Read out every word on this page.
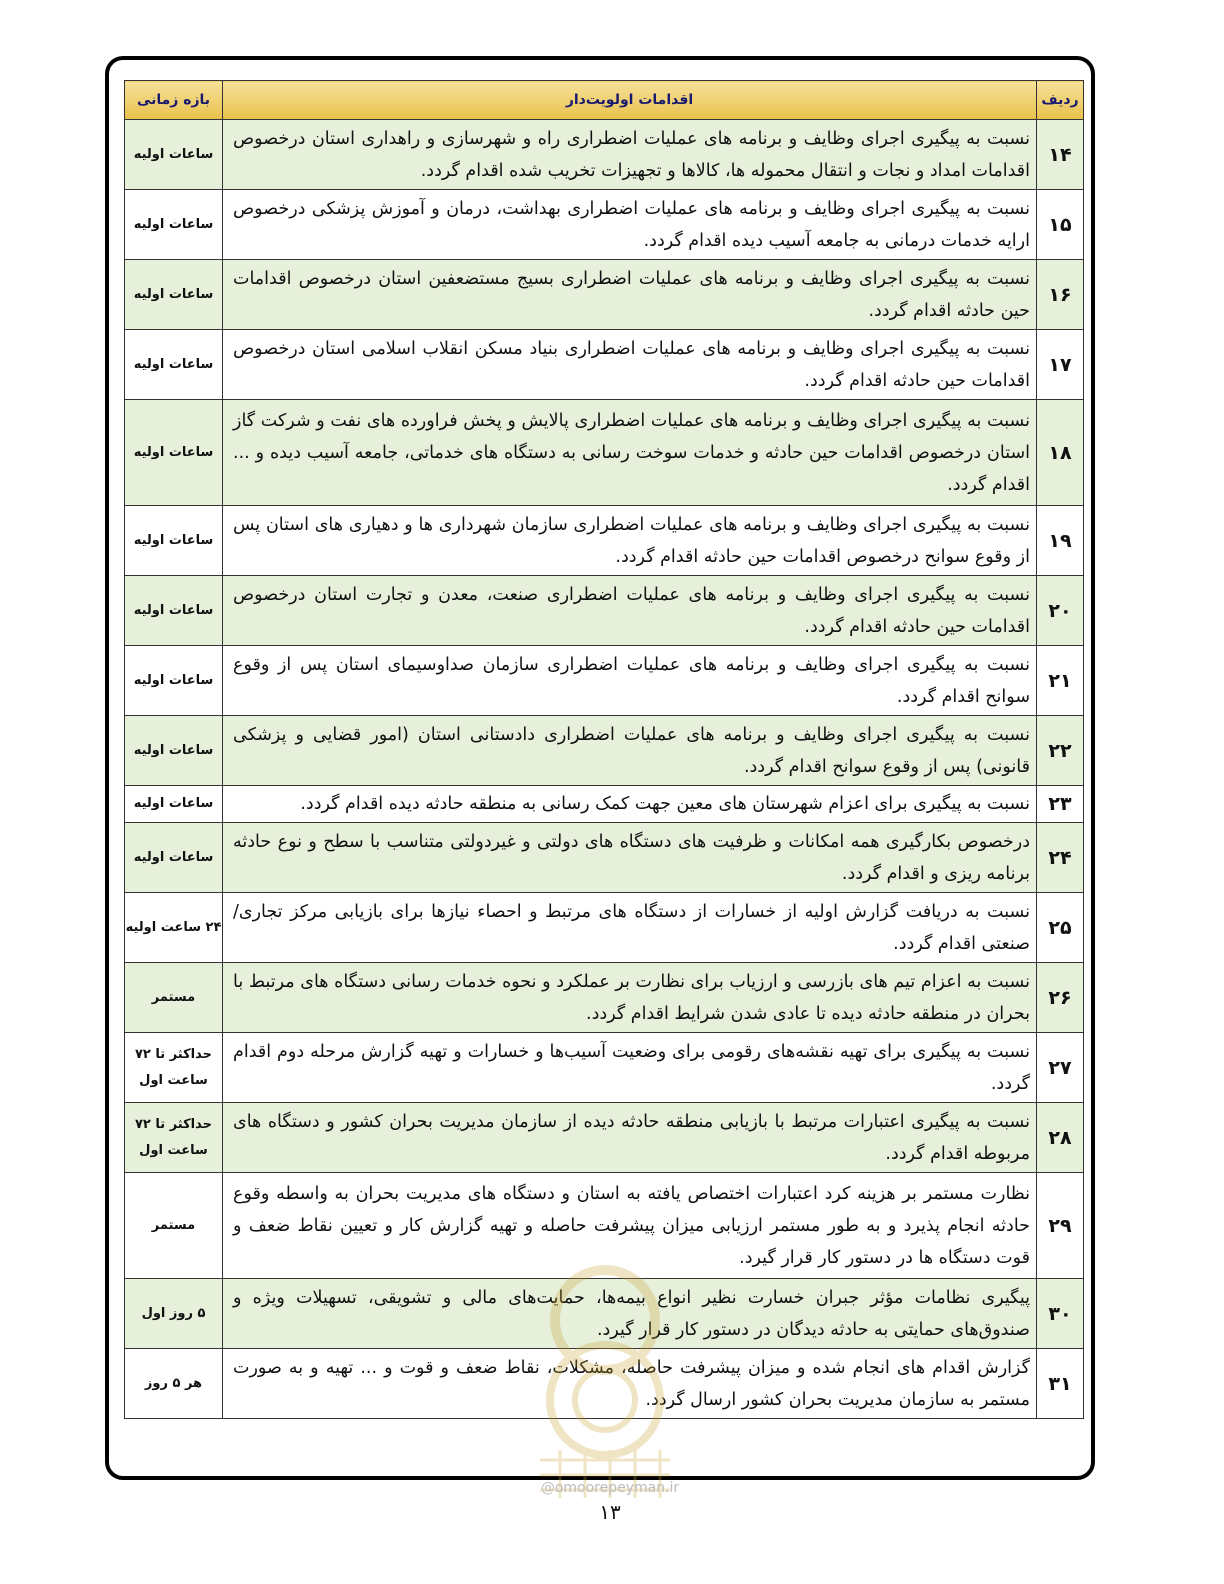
ردیف	اقدامات اولویت‌دار	بازه زمانی
۱۴	نسبت به پیگیری اجرای وظایف و برنامه های عملیات اضطراری راه و شهرسازی و راهداری استان درخصوص اقدامات امداد و نجات و انتقال محموله ها، کالاها و تجهیزات تخریب شده اقدام گردد.	ساعات اولیه
۱۵	نسبت به پیگیری اجرای وظایف و برنامه های عملیات اضطراری بهداشت، درمان و آموزش پزشکی درخصوص ارایه خدمات درمانی به جامعه آسیب دیده اقدام گردد.	ساعات اولیه
۱۶	نسبت به پیگیری اجرای وظایف و برنامه های عملیات اضطراری بسیج مستضعفین استان درخصوص اقدامات حین حادثه اقدام گردد.	ساعات اولیه
۱۷	نسبت به پیگیری اجرای وظایف و برنامه های عملیات اضطراری بنیاد مسکن انقلاب اسلامی استان درخصوص اقدامات حین حادثه اقدام گردد.	ساعات اولیه
۱۸	نسبت به پیگیری اجرای وظایف و برنامه های عملیات اضطراری پالایش و پخش فراورده های نفت و شرکت گاز استان درخصوص اقدامات حین حادثه و خدمات سوخت رسانی به دستگاه های خدماتی، جامعه آسیب دیده و ... اقدام گردد.	ساعات اولیه
۱۹	نسبت به پیگیری اجرای وظایف و برنامه های عملیات اضطراری سازمان شهرداری ها و دهیاری های استان پس از وقوع سوانح درخصوص اقدامات حین حادثه اقدام گردد.	ساعات اولیه
۲۰	نسبت به پیگیری اجرای وظایف و برنامه های عملیات اضطراری صنعت، معدن و تجارت استان درخصوص اقدامات حین حادثه اقدام گردد.	ساعات اولیه
۲۱	نسبت به پیگیری اجرای وظایف و برنامه های عملیات اضطراری سازمان صداوسیمای استان پس از وقوع سوانح اقدام گردد.	ساعات اولیه
۲۲	نسبت به پیگیری اجرای وظایف و برنامه های عملیات اضطراری دادستانی استان (امور قضایی و پزشکی قانونی) پس از وقوع سوانح اقدام گردد.	ساعات اولیه
۲۳	نسبت به پیگیری برای اعزام شهرستان های معین جهت کمک رسانی به منطقه حادثه دیده اقدام گردد.	ساعات اولیه
۲۴	درخصوص بکارگیری همه امکانات و ظرفیت های دستگاه های دولتی و غیردولتی متناسب با سطح و نوع حادثه برنامه ریزی و اقدام گردد.	ساعات اولیه
۲۵	نسبت به دریافت گزارش اولیه از خسارات از دستگاه های مرتبط و احصاء نیازها برای بازیابی مرکز تجاری/صنعتی اقدام گردد.	۲۴ ساعت اولیه
۲۶	نسبت به اعزام تیم های بازرسی و ارزیاب برای نظارت بر عملکرد و نحوه خدمات رسانی دستگاه های مرتبط با بحران در منطقه حادثه دیده تا عادی شدن شرایط اقدام گردد.	مستمر
۲۷	نسبت به پیگیری برای تهیه نقشه‌های رقومی برای وضعیت آسیب‌ها و خسارات و تهیه گزارش مرحله دوم اقدام گردد.	حداکثر تا ۷۲ ساعت اول
۲۸	نسبت به پیگیری اعتبارات مرتبط با بازیابی منطقه حادثه دیده از سازمان مدیریت بحران کشور و دستگاه های مربوطه اقدام گردد.	حداکثر تا ۷۲ ساعت اول
۲۹	نظارت مستمر بر هزینه کرد اعتبارات اختصاص یافته به استان و دستگاه های مدیریت بحران به واسطه وقوع حادثه انجام پذیرد و به طور مستمر ارزیابی میزان پیشرفت حاصله و تهیه گزارش کار و تعیین نقاط ضعف و قوت دستگاه ها در دستور کار قرار گیرد.	مستمر
۳۰	پیگیری نظامات مؤثر جبران خسارت نظیر انواع بیمه‌ها، حمایت‌های مالی و تشویقی، تسهیلات ویژه و صندوق‌های حمایتی به حادثه دیدگان در دستور کار قرار گیرد.	۵ روز اول
۳۱	گزارش اقدام های انجام شده و میزان پیشرفت حاصله، مشکلات، نقاط ضعف و قوت و ... تهیه و به صورت مستمر به سازمان مدیریت بحران کشور ارسال گردد.	هر ۵ روز
@omoorepeyman.ir
۱۳
